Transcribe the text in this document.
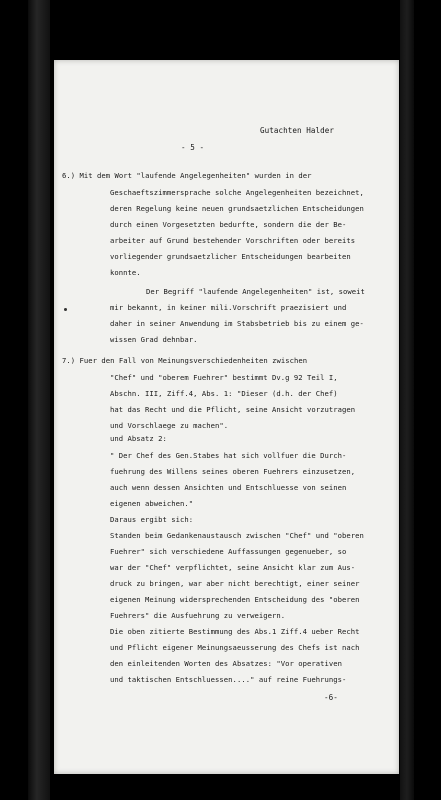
Gutachten Halder
- 5 -
6.) Mit dem Wort "laufende Angelegenheiten" wurden in der
Geschaeftszimmersprache solche Angelegenheiten bezeichnet,
deren Regelung keine neuen grundsaetzlichen Entscheidungen
durch einen Vorgesetzten bedurfte, sondern die der Be-
arbeiter auf Grund bestehender Vorschriften oder bereits
vorliegender grundsaetzlicher Entscheidungen bearbeiten
konnte.
Der Begriff "laufende Angelegenheiten" ist, soweit
mir bekannt, in keiner mili.Vorschrift praezisiert und
daher in seiner Anwendung im Stabsbetrieb bis zu einem ge-
wissen Grad dehnbar.
7.) Fuer den Fall von Meinungsverschiedenheiten zwischen
"Chef" und "oberem Fuehrer" bestimmt Dv.g 92 Teil I,
Abschn. III, Ziff.4, Abs. 1: "Dieser (d.h. der Chef)
hat das Recht und die Pflicht, seine Ansicht vorzutragen
und Vorschlaege zu machen".
und Absatz 2:
" Der Chef des Gen.Stabes hat sich vollfuer die Durch-
fuehrung des Willens seines oberen Fuehrers einzusetzen,
auch wenn dessen Ansichten und Entschluesse von seinen
eigenen abweichen."
Daraus ergibt sich:
Standen beim Gedankenaustausch zwischen "Chef" und "oberen
Fuehrer" sich verschiedene Auffassungen gegenueber, so
war der "Chef" verpflichtet, seine Ansicht klar zum Aus-
druck zu bringen, war aber nicht berechtigt, einer seiner
eigenen Meinung widersprechenden Entscheidung des "oberen
Fuehrers" die Ausfuehrung zu verweigern.
Die oben zitierte Bestimmung des Abs.1 Ziff.4 ueber Recht
und Pflicht eigener Meinungsaeusserung des Chefs ist nach
den einleitenden Worten des Absatzes: "Vor operativen
und taktischen Entschluessen...." auf reine Fuehrungs-
-6-
